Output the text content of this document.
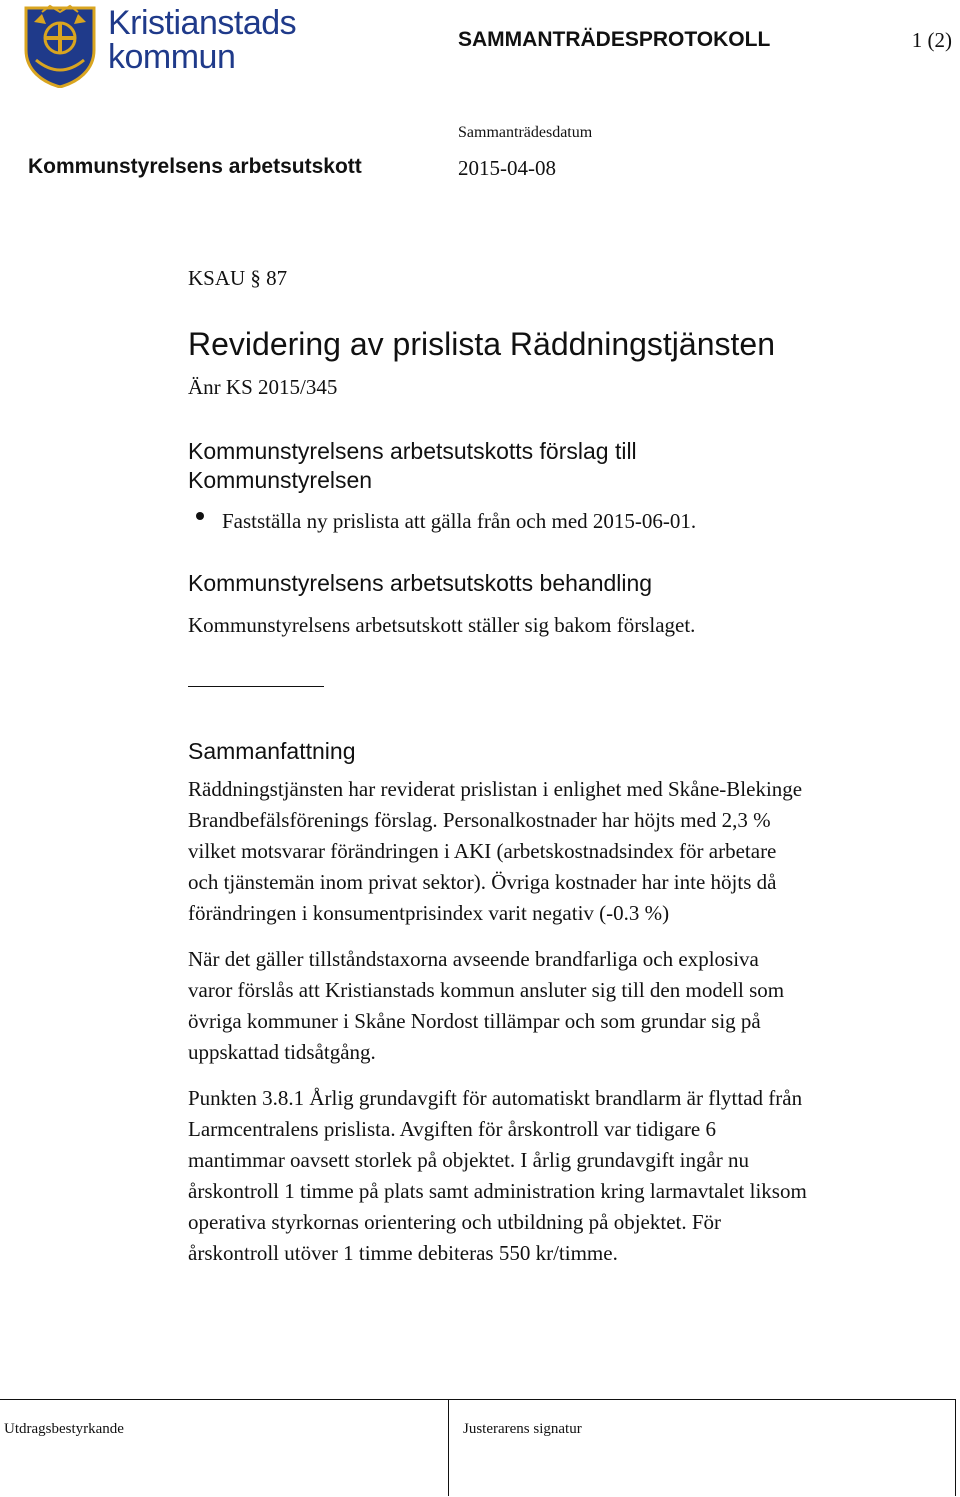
Kristianstads
kommun	SAMMANTRÄDESPROTOKOLL	1 (2)
Sammanträdesdatum
Kommunstyrelsens arbetsutskott	2015-04-08
KSAU § 87
Revidering av prislista Räddningstjänsten
Änr KS 2015/345
Kommunstyrelsens arbetsutskotts förslag till
Kommunstyrelsen
Fastställa ny prislista att gälla från och med 2015-06-01.
Kommunstyrelsens arbetsutskotts behandling
Kommunstyrelsens arbetsutskott ställer sig bakom förslaget.
Sammanfattning
Räddningstjänsten har reviderat prislistan i enlighet med Skåne-Blekinge
Brandbefälsförenings förslag. Personalkostnader har höjts med 2,3 %
vilket motsvarar förändringen i AKI (arbetskostnadsindex för arbetare
och tjänstemän inom privat sektor). Övriga kostnader har inte höjts då
förändringen i konsumentprisindex varit negativ (-0.3 %)
När det gäller tillståndstaxorna avseende brandfarliga och explosiva
varor förslås att Kristianstads kommun ansluter sig till den modell som
övriga kommuner i Skåne Nordost tillämpar och som grundar sig på
uppskattad tidsåtgång.
Punkten 3.8.1 Årlig grundavgift för automatiskt brandlarm är flyttad från
Larmcentralens prislista. Avgiften för årskontroll var tidigare 6
mantimmar oavsett storlek på objektet. I årlig grundavgift ingår nu
årskontroll 1 timme på plats samt administration kring larmavtalet liksom
operativa styrkornas orientering och utbildning på objektet. För
årskontroll utöver 1 timme debiteras 550 kr/timme.
Utdragsbestyrkande	Justerarens signatur
